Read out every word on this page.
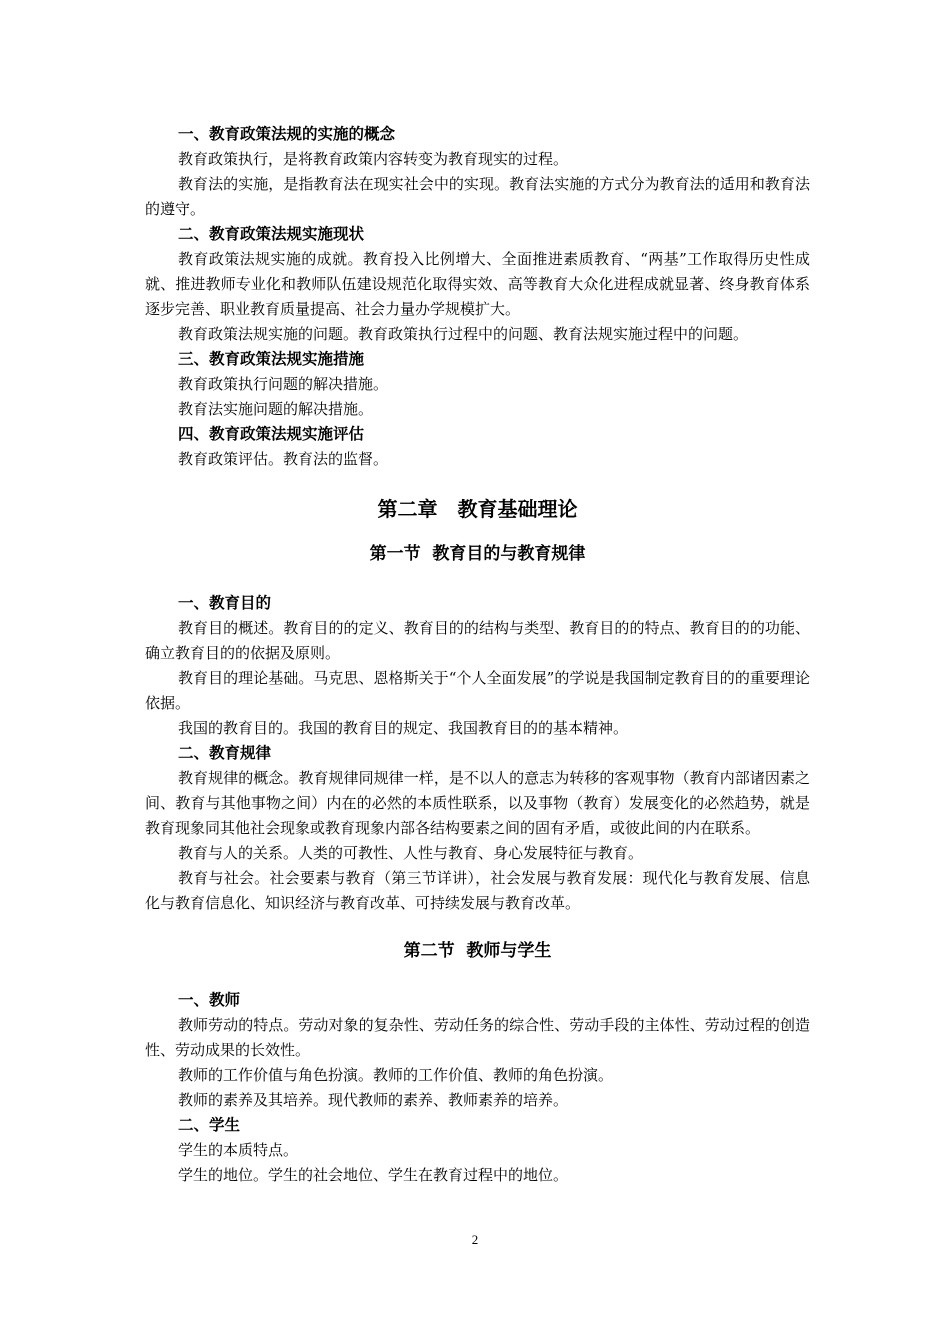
一、教育政策法规的实施的概念
教育政策执行，是将教育政策内容转变为教育现实的过程。
教育法的实施，是指教育法在现实社会中的实现。教育法实施的方式分为教育法的适用和教育法的遵守。
二、教育政策法规实施现状
教育政策法规实施的成就。教育投入比例增大、全面推进素质教育、“两基”工作取得历史性成就、推进教师专业化和教师队伍建设规范化取得实效、高等教育大众化进程成就显著、终身教育体系逐步完善、职业教育质量提高、社会力量办学规模扩大。
教育政策法规实施的问题。教育政策执行过程中的问题、教育法规实施过程中的问题。
三、教育政策法规实施措施
教育政策执行问题的解决措施。
教育法实施问题的解决措施。
四、教育政策法规实施评估
教育政策评估。教育法的监督。
第二章　教育基础理论
第一节  教育目的与教育规律
一、教育目的
教育目的概述。教育目的的定义、教育目的的结构与类型、教育目的的特点、教育目的的功能、确立教育目的的依据及原则。
教育目的理论基础。马克思、恩格斯关于“个人全面发展”的学说是我国制定教育目的的重要理论依据。
我国的教育目的。我国的教育目的规定、我国教育目的的基本精神。
二、教育规律
教育规律的概念。教育规律同规律一样，是不以人的意志为转移的客观事物（教育内部诸因素之间、教育与其他事物之间）内在的必然的本质性联系，以及事物（教育）发展变化的必然趋势，就是教育现象同其他社会现象或教育现象内部各结构要素之间的固有矛盾，或彼此间的内在联系。
教育与人的关系。人类的可教性、人性与教育、身心发展特征与教育。
教育与社会。社会要素与教育（第三节详讲），社会发展与教育发展：现代化与教育发展、信息化与教育信息化、知识经济与教育改革、可持续发展与教育改革。
第二节  教师与学生
一、教师
教师劳动的特点。劳动对象的复杂性、劳动任务的综合性、劳动手段的主体性、劳动过程的创造性、劳动成果的长效性。
教师的工作价值与角色扮演。教师的工作价值、教师的角色扮演。
教师的素养及其培养。现代教师的素养、教师素养的培养。
二、学生
学生的本质特点。
学生的地位。学生的社会地位、学生在教育过程中的地位。
2
